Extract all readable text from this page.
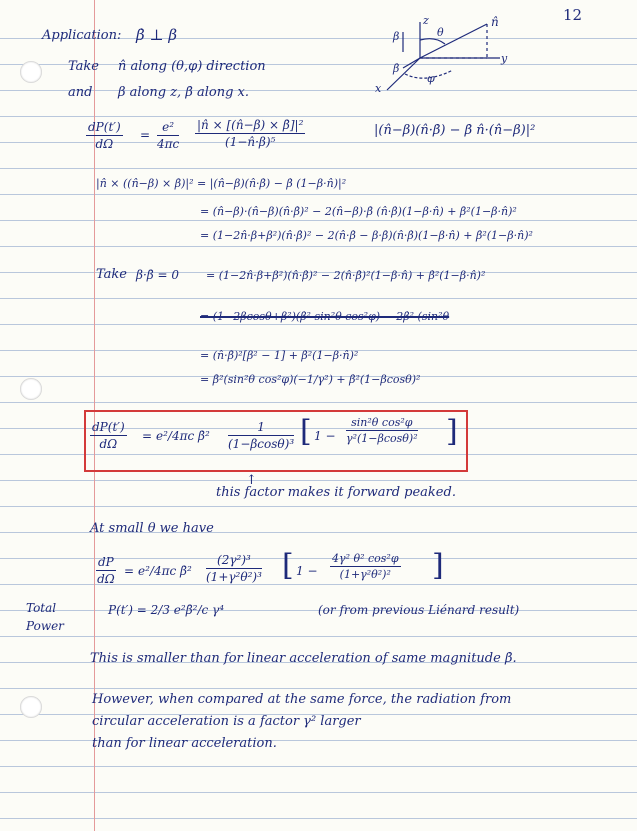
12
Application: β̇ ⊥ β
Take n̂ along (θ,φ) direction
and β along z, β̇ along x.
z
y
x
n̂
θ
φ
β
β̇
$\frac{dP(t')}{d\Omega} = \frac{\text{e²}}{4\pi c} \frac{\text{|n̂ × [(n̂−β) × β̇]|²}}{\text{(1−n̂·β)⁵}}$	|(n̂−β)(n̂·β̇) − β̇ n̂·(n̂−β)|²
|n̂ × ((n̂−β) × β̇)|² = |(n̂−β)(n̂·β̇) − β̇ (1−β·n̂)|²
= (n̂−β)·(n̂−β)(n̂·β̇)² − 2(n̂−β)·β̇ (n̂·β̇)(1−β·n̂) + β̇²(1−β·n̂)²
= (1−2n̂·β+β²)(n̂·β̇)² − 2(n̂·β̇ − β·β̇)(n̂·β̇)(1−β·n̂) + β̇²(1−β·n̂)²
Take β·β̇ = 0 = (1−2n̂·β+β²)(n̂·β̇)² − 2(n̂·β̇)²(1−β·n̂) + β̇²(1−β·n̂)²
= (1−2βcosθ+β²)(β̇² sin²θ cos²φ) − 2β̇² (sin²θ
= (n̂·β̇)²[β² − 1] + β̇²(1−β·n̂)²
= β̇²(sin²θ cos²φ)(−1/γ²) + β̇²(1−βcosθ)²
$\frac{dP(t')}{d\Omega} = e^2/4\pi c$ β̇² $\frac{1}{\text{(1−βcosθ)³}}$ [ $1 - \frac{\text{sin²θ cos²φ}}{\text{γ²(1−βcosθ)²}}$ ]
↑
this factor makes it forward peaked.
At small θ we have
$\frac{dP}{d\Omega} = e^2/4\pi c$ β̇² $\frac{\text{(2γ²)³}}{\text{(1+γ²θ²)³}}$ [ $1 - \frac{\text{4γ² θ² cos²φ}}{\text{(1+γ²θ²)²}}$ ]
Total
Power
P(t′) = 2/3 e²β̇²/c γ⁴	(or from previous Liénard result)
This is smaller than for linear acceleration of same magnitude β̇.
However, when compared at the same force, the radiation from
circular acceleration is a factor γ² larger
than for linear acceleration.
